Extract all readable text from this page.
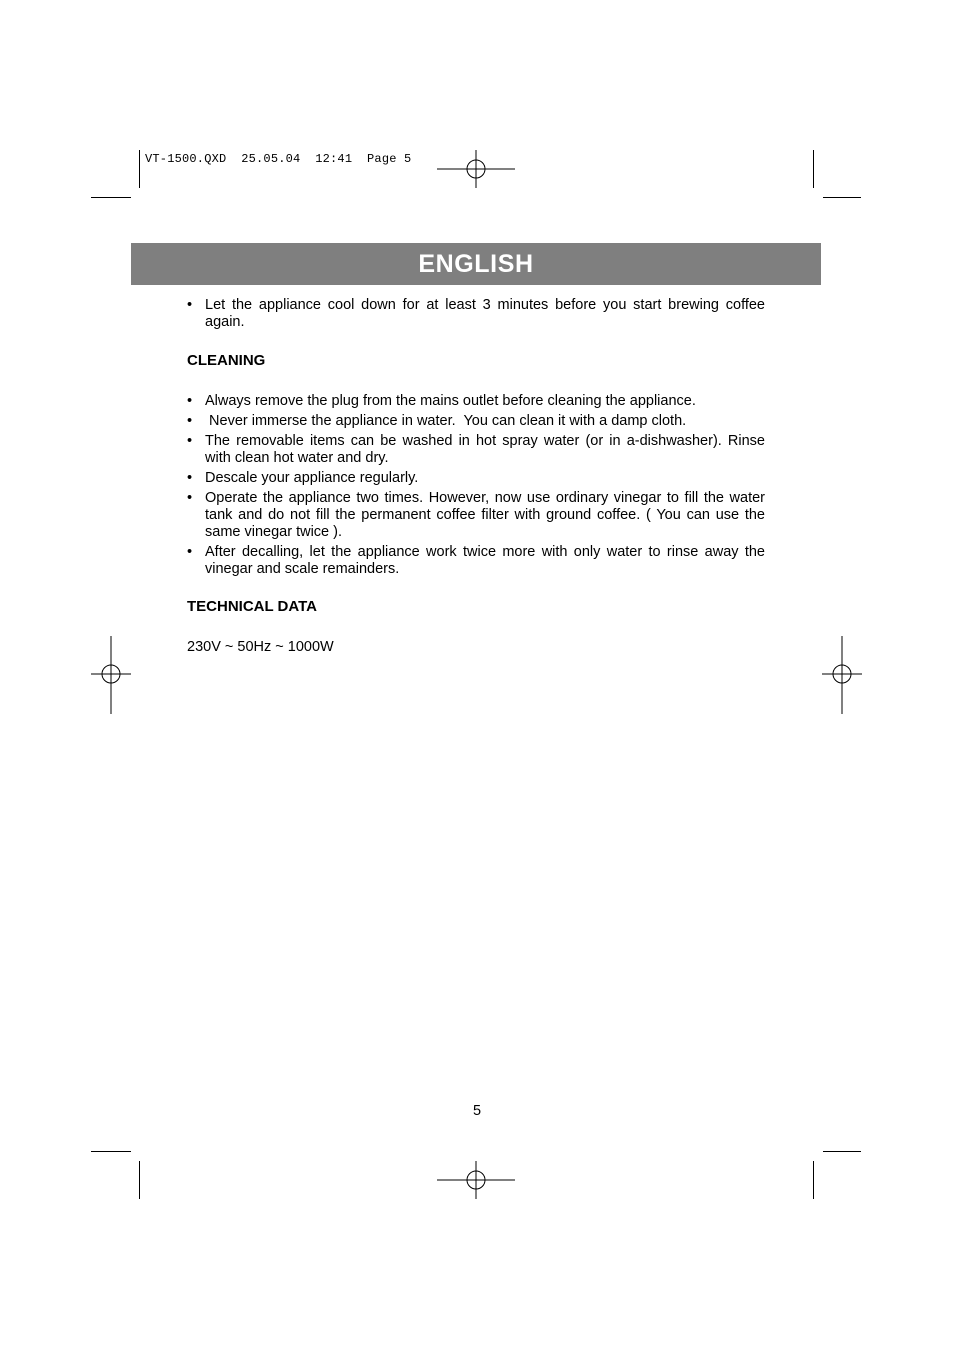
VT-1500.QXD  25.05.04  12:41  Page 5
ENGLISH
• Let the appliance cool down for at least 3 minutes before you start brewing coffee again.
CLEANING
• Always remove the plug from the mains outlet before cleaning the appliance.
•  Never immerse the appliance in water.  You can clean it with a damp cloth.
• The removable items can be washed in hot spray water (or in a-dishwasher). Rinse with clean hot water and dry.
• Descale your appliance regularly.
• Operate the appliance two times. However, now use ordinary vinegar to fill the water tank and do not fill the permanent coffee filter with ground coffee. ( You can use the same vinegar twice ).
• After decalling, let the appliance work twice more with only water to rinse away the vinegar and scale remainders.
TECHNICAL DATA

230V ~ 50Hz ~ 1000W

5
